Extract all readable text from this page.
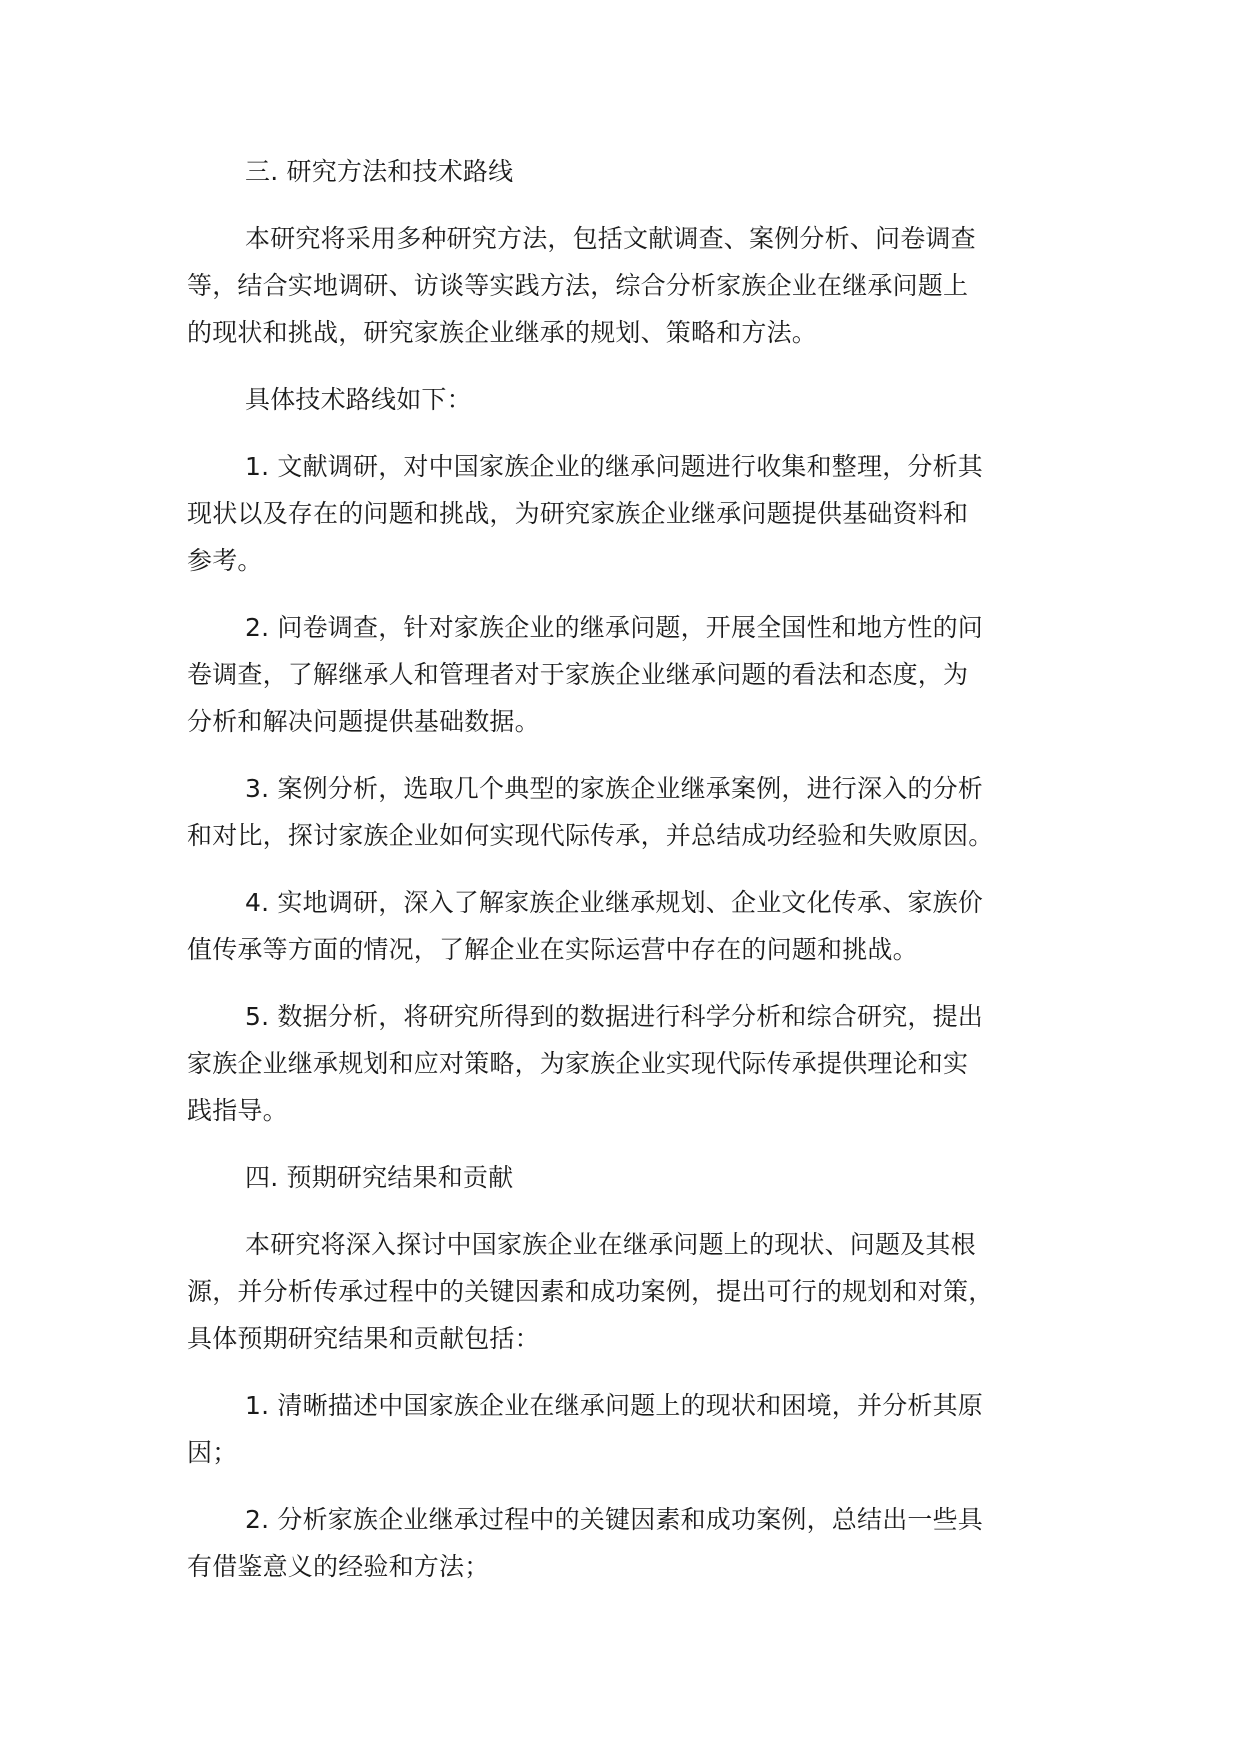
三. 研究方法和技术路线
本研究将采用多种研究方法，包括文献调查、案例分析、问卷调查
等，结合实地调研、访谈等实践方法，综合分析家族企业在继承问题上
的现状和挑战，研究家族企业继承的规划、策略和方法。
具体技术路线如下：
1. 文献调研，对中国家族企业的继承问题进行收集和整理，分析其
现状以及存在的问题和挑战，为研究家族企业继承问题提供基础资料和
参考。
2. 问卷调查，针对家族企业的继承问题，开展全国性和地方性的问
卷调查，了解继承人和管理者对于家族企业继承问题的看法和态度，为
分析和解决问题提供基础数据。
3. 案例分析，选取几个典型的家族企业继承案例，进行深入的分析
和对比，探讨家族企业如何实现代际传承，并总结成功经验和失败原因。
4. 实地调研，深入了解家族企业继承规划、企业文化传承、家族价
值传承等方面的情况，了解企业在实际运营中存在的问题和挑战。
5. 数据分析，将研究所得到的数据进行科学分析和综合研究，提出
家族企业继承规划和应对策略，为家族企业实现代际传承提供理论和实
践指导。
四. 预期研究结果和贡献
本研究将深入探讨中国家族企业在继承问题上的现状、问题及其根
源，并分析传承过程中的关键因素和成功案例，提出可行的规划和对策，
具体预期研究结果和贡献包括：
1. 清晰描述中国家族企业在继承问题上的现状和困境，并分析其原
因；
2. 分析家族企业继承过程中的关键因素和成功案例，总结出一些具
有借鉴意义的经验和方法；
